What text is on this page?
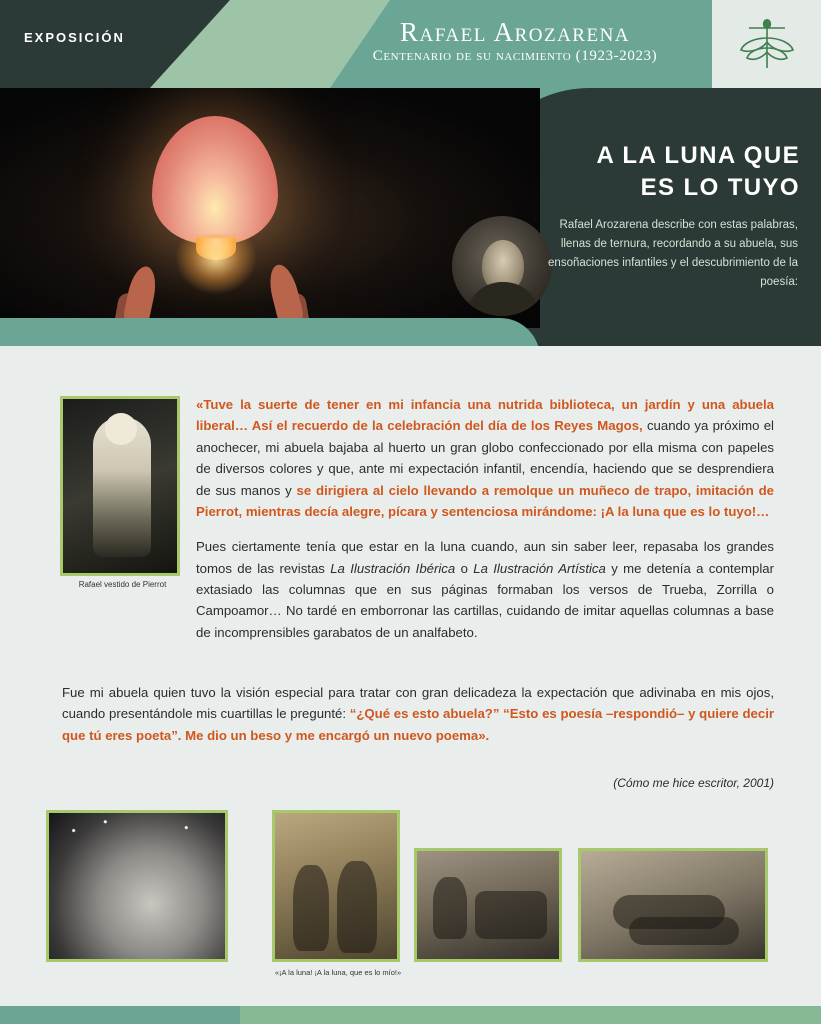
EXPOSICIÓN	Rafael Arozarena
Centenario de su nacimiento (1923-2023)
A LA LUNA QUE
ES LO TUYO
Rafael Arozarena describe con estas palabras, llenas de ternura, recordando a su abuela, sus ensoñaciones infantiles y el descubrimiento de la poesía:
Rafael vestido de Pierrot

«Tuve la suerte de tener en mi infancia una nutrida biblioteca, un jardín y una abuela liberal… Así el recuerdo de la celebración del día de los Reyes Magos, cuando ya próximo el anochecer, mi abuela bajaba al huerto un gran globo confeccionado por ella misma con papeles de diversos colores y que, ante mi expectación infantil, encendía, haciendo que se desprendiera de sus manos y se dirigiera al cielo llevando a remolque un muñeco de trapo, imitación de Pierrot, mientras decía alegre, pícara y sentenciosa mirándome: ¡A la luna que es lo tuyo!…

Pues ciertamente tenía que estar en la luna cuando, aun sin saber leer, repasaba los grandes tomos de las revistas La Ilustración Ibérica o La Ilustración Artística y me detenía a contemplar extasiado las columnas que en sus páginas formaban los versos de Trueba, Zorrilla o Campoamor… No tardé en emborronar las cartillas, cuidando de imitar aquellas columnas a base de incomprensibles garabatos de un analfabeto.

Fue mi abuela quien tuvo la visión especial para tratar con gran delicadeza la expectación que adivinaba en mis ojos, cuando presentándole mis cuartillas le pregunté: “¿Qué es esto abuela?” “Esto es poesía –respondió– y quiere decir que tú eres poeta”. Me dio un beso y me encargó un nuevo poema».
(Cómo me hice escritor, 2001)
«¡A la luna! ¡A la luna, que es lo mío!»
